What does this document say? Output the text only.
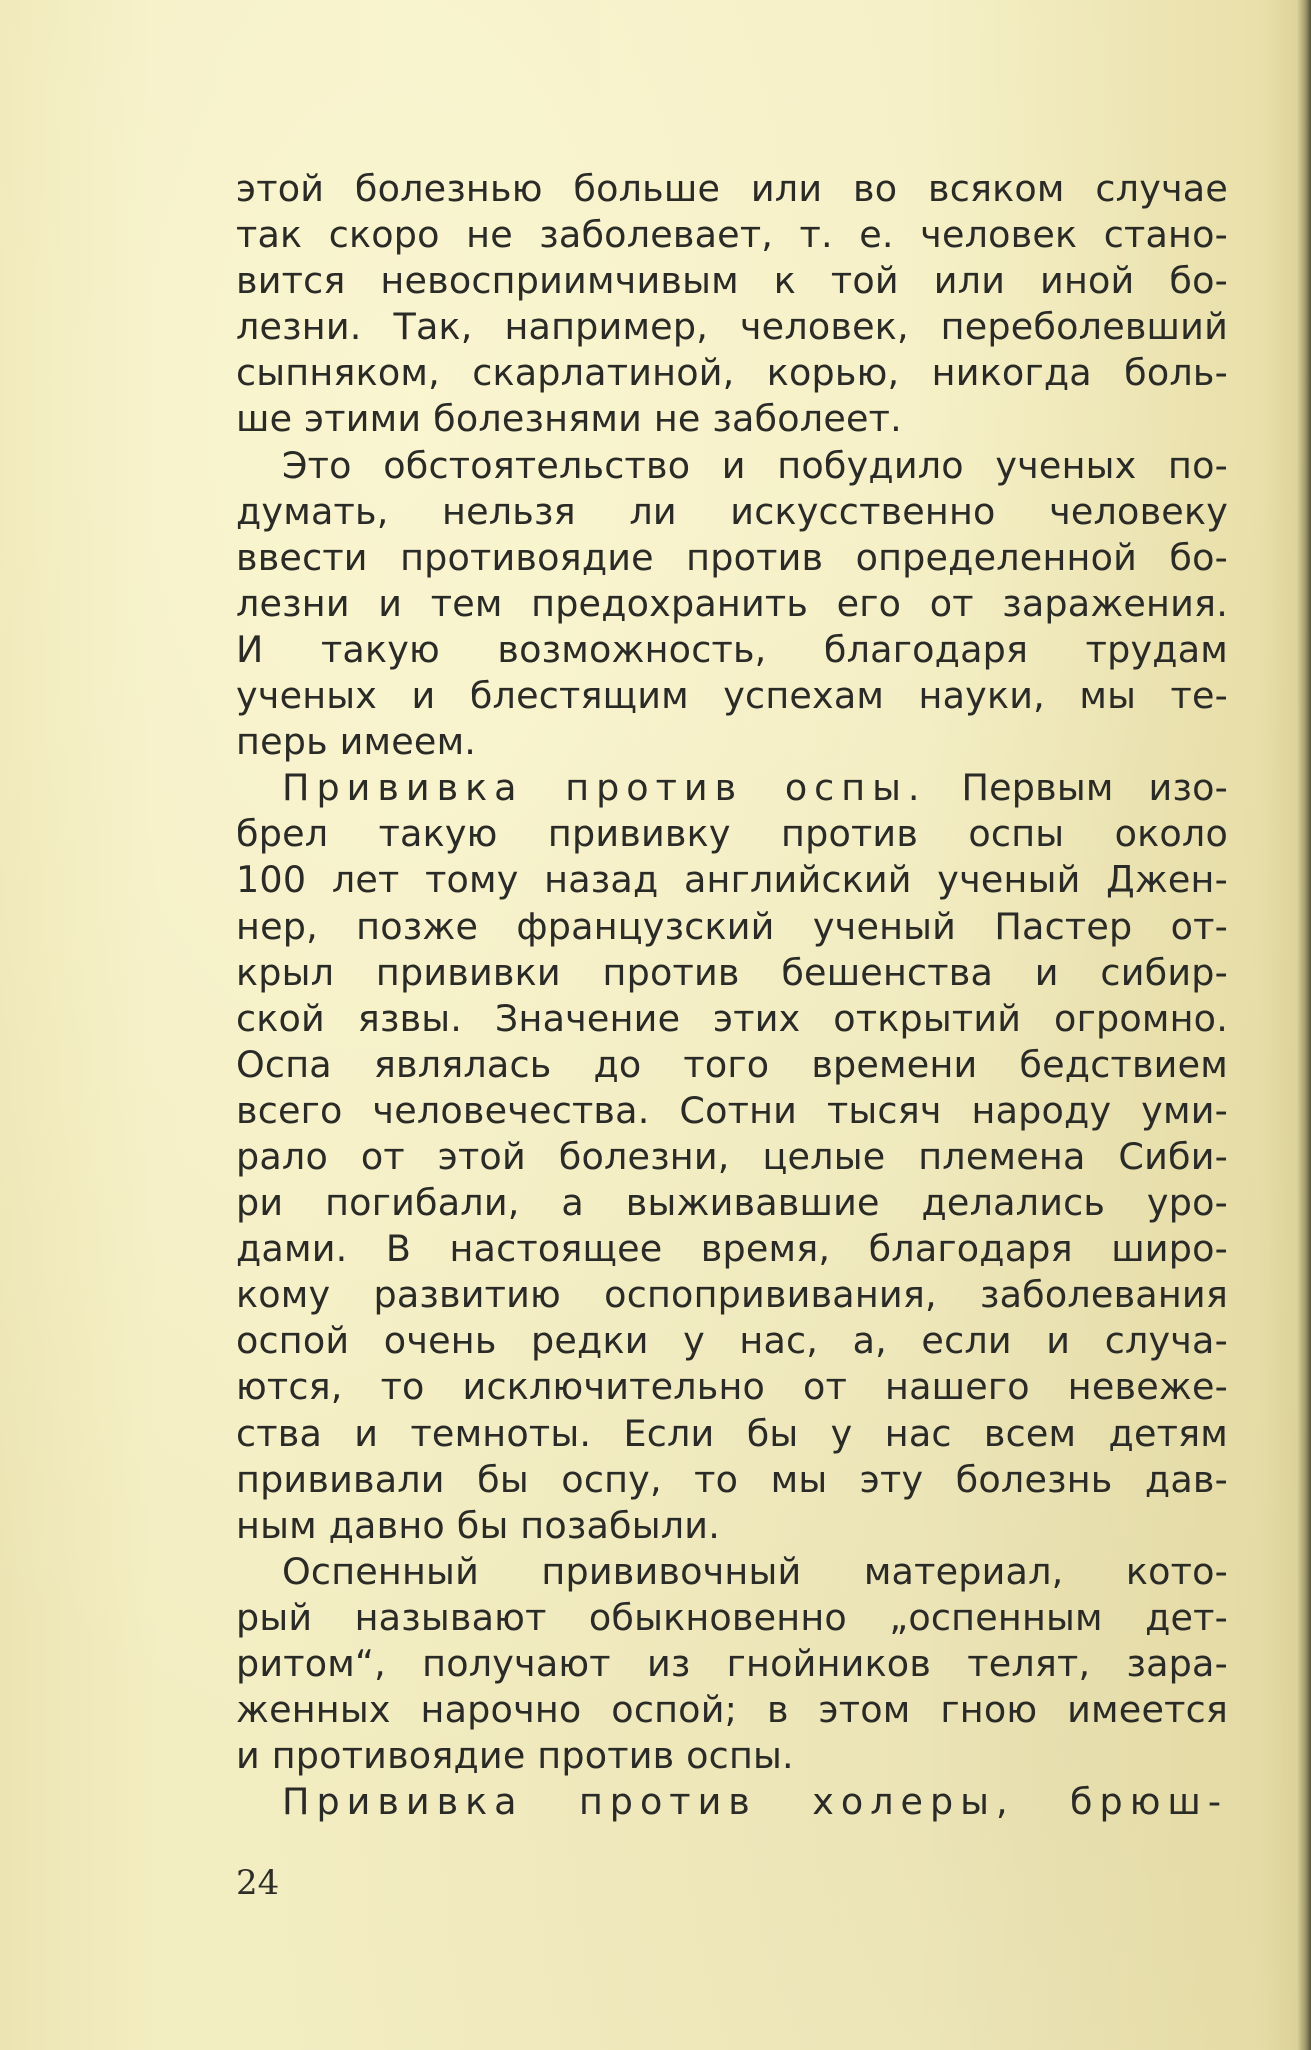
этой болезнью больше или во всяком случае
так скоро не заболевает, т. е. человек стано-
вится невосприимчивым к той или иной бо-
лезни. Так, например, человек, переболевший
сыпняком, скарлатиной, корью, никогда боль-
ше этими болезнями не заболеет.
Это обстоятельство и побудило ученых по-
думать, нельзя ли искусственно человеку
ввести противоядие против определенной бо-
лезни и тем предохранить его от заражения.
И такую возможность, благодаря трудам
ученых и блестящим успехам науки, мы те-
перь имеем.
Прививка против оспы. Первым изо-
брел такую прививку против оспы около
100 лет тому назад английский ученый Джен-
нер, позже французский ученый Пастер от-
крыл прививки против бешенства и сибир-
ской язвы. Значение этих открытий огромно.
Оспа являлась до того времени бедствием
всего человечества. Сотни тысяч народу уми-
рало от этой болезни, целые племена Сиби-
ри погибали, а выживавшие делались уро-
дами. В настоящее время, благодаря широ-
кому развитию оспопрививания, заболевания
оспой очень редки у нас, а, если и случа-
ются, то исключительно от нашего невеже-
ства и темноты. Если бы у нас всем детям
прививали бы оспу, то мы эту болезнь дав-
ным давно бы позабыли.
Оспенный прививочный материал, кото-
рый называют обыкновенно „оспенным дет-
ритом“, получают из гнойников телят, зара-
женных нарочно оспой; в этом гною имеется
и противоядие против оспы.
Прививка против холеры, брюш-
24
